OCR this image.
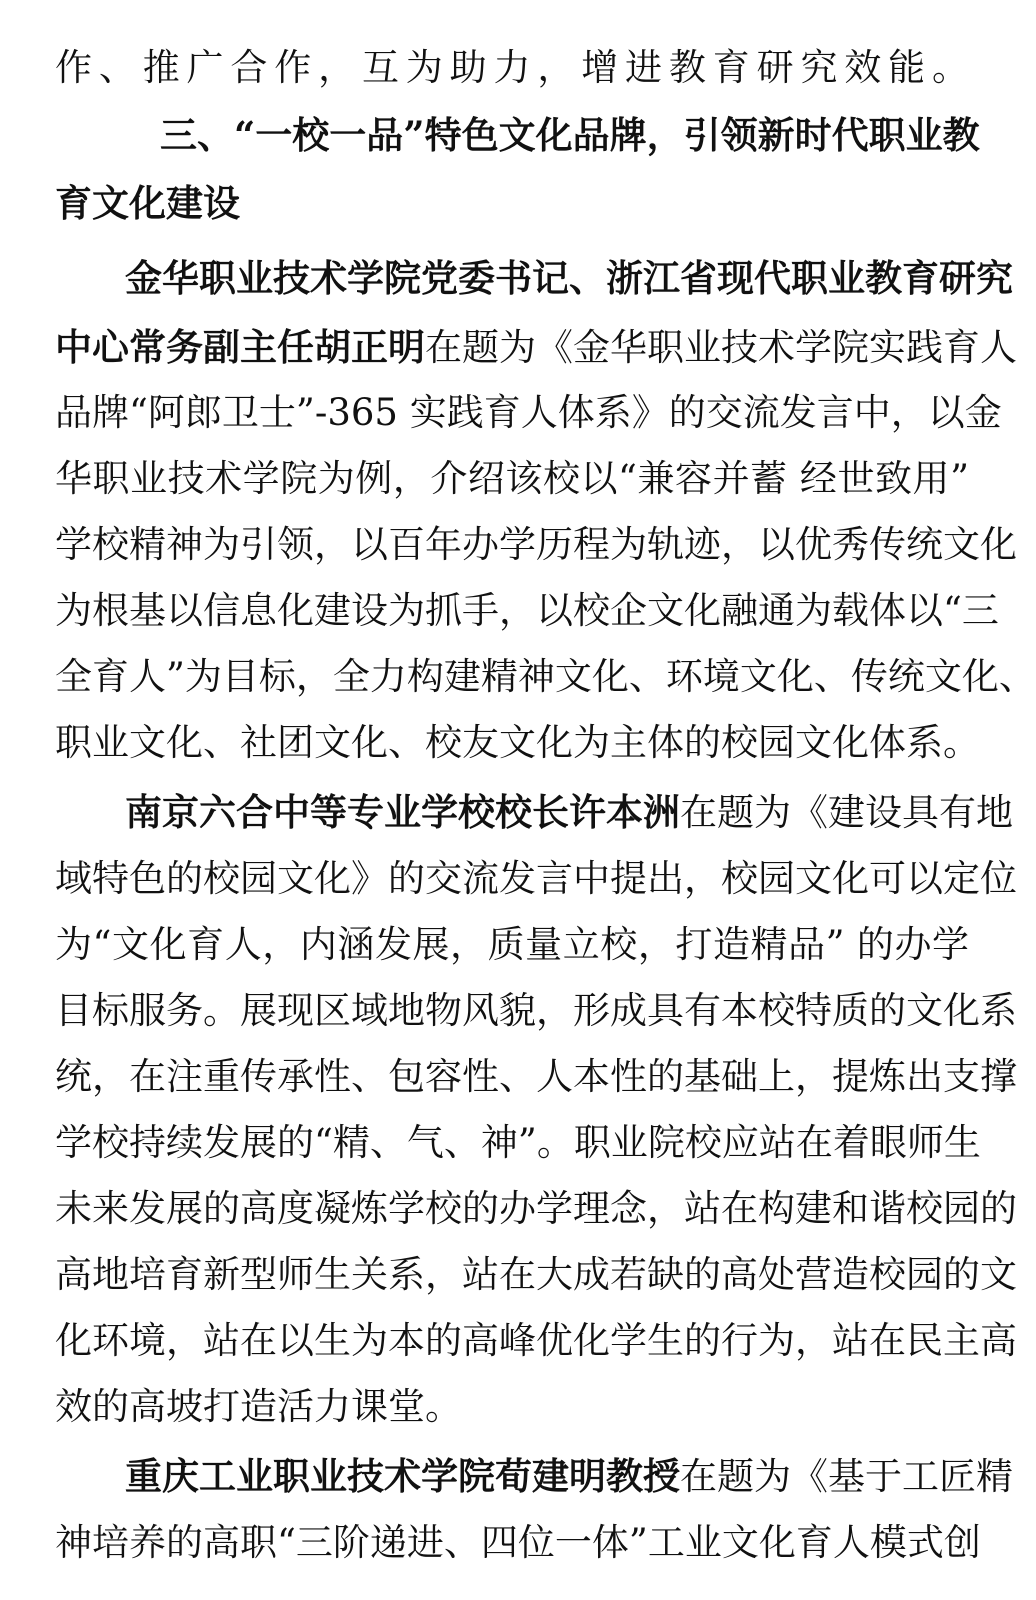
作、推广合作，互为助力，增进教育研究效能。
三、“一校一品”特色文化品牌，引领新时代职业教
育文化建设
金华职业技术学院党委书记、浙江省现代职业教育研究
中心常务副主任胡正明在题为《金华职业技术学院实践育人
品牌“阿郎卫士”-365 实践育人体系》的交流发言中，以金
华职业技术学院为例，介绍该校以“兼容并蓄 经世致用”
学校精神为引领，以百年办学历程为轨迹，以优秀传统文化
为根基以信息化建设为抓手，以校企文化融通为载体以“三
全育人”为目标，全力构建精神文化、环境文化、传统文化、
职业文化、社团文化、校友文化为主体的校园文化体系。
南京六合中等专业学校校长许本洲在题为《建设具有地
域特色的校园文化》的交流发言中提出，校园文化可以定位
为“文化育人，内涵发展，质量立校，打造精品” 的办学
目标服务。展现区域地物风貌，形成具有本校特质的文化系
统，在注重传承性、包容性、人本性的基础上，提炼出支撑
学校持续发展的“精、气、神”。职业院校应站在着眼师生
未来发展的高度凝炼学校的办学理念，站在构建和谐校园的
高地培育新型师生关系，站在大成若缺的高处营造校园的文
化环境，站在以生为本的高峰优化学生的行为，站在民主高
效的高坡打造活力课堂。
重庆工业职业技术学院荀建明教授在题为《基于工匠精
神培养的高职“三阶递进、四位一体”工业文化育人模式创
